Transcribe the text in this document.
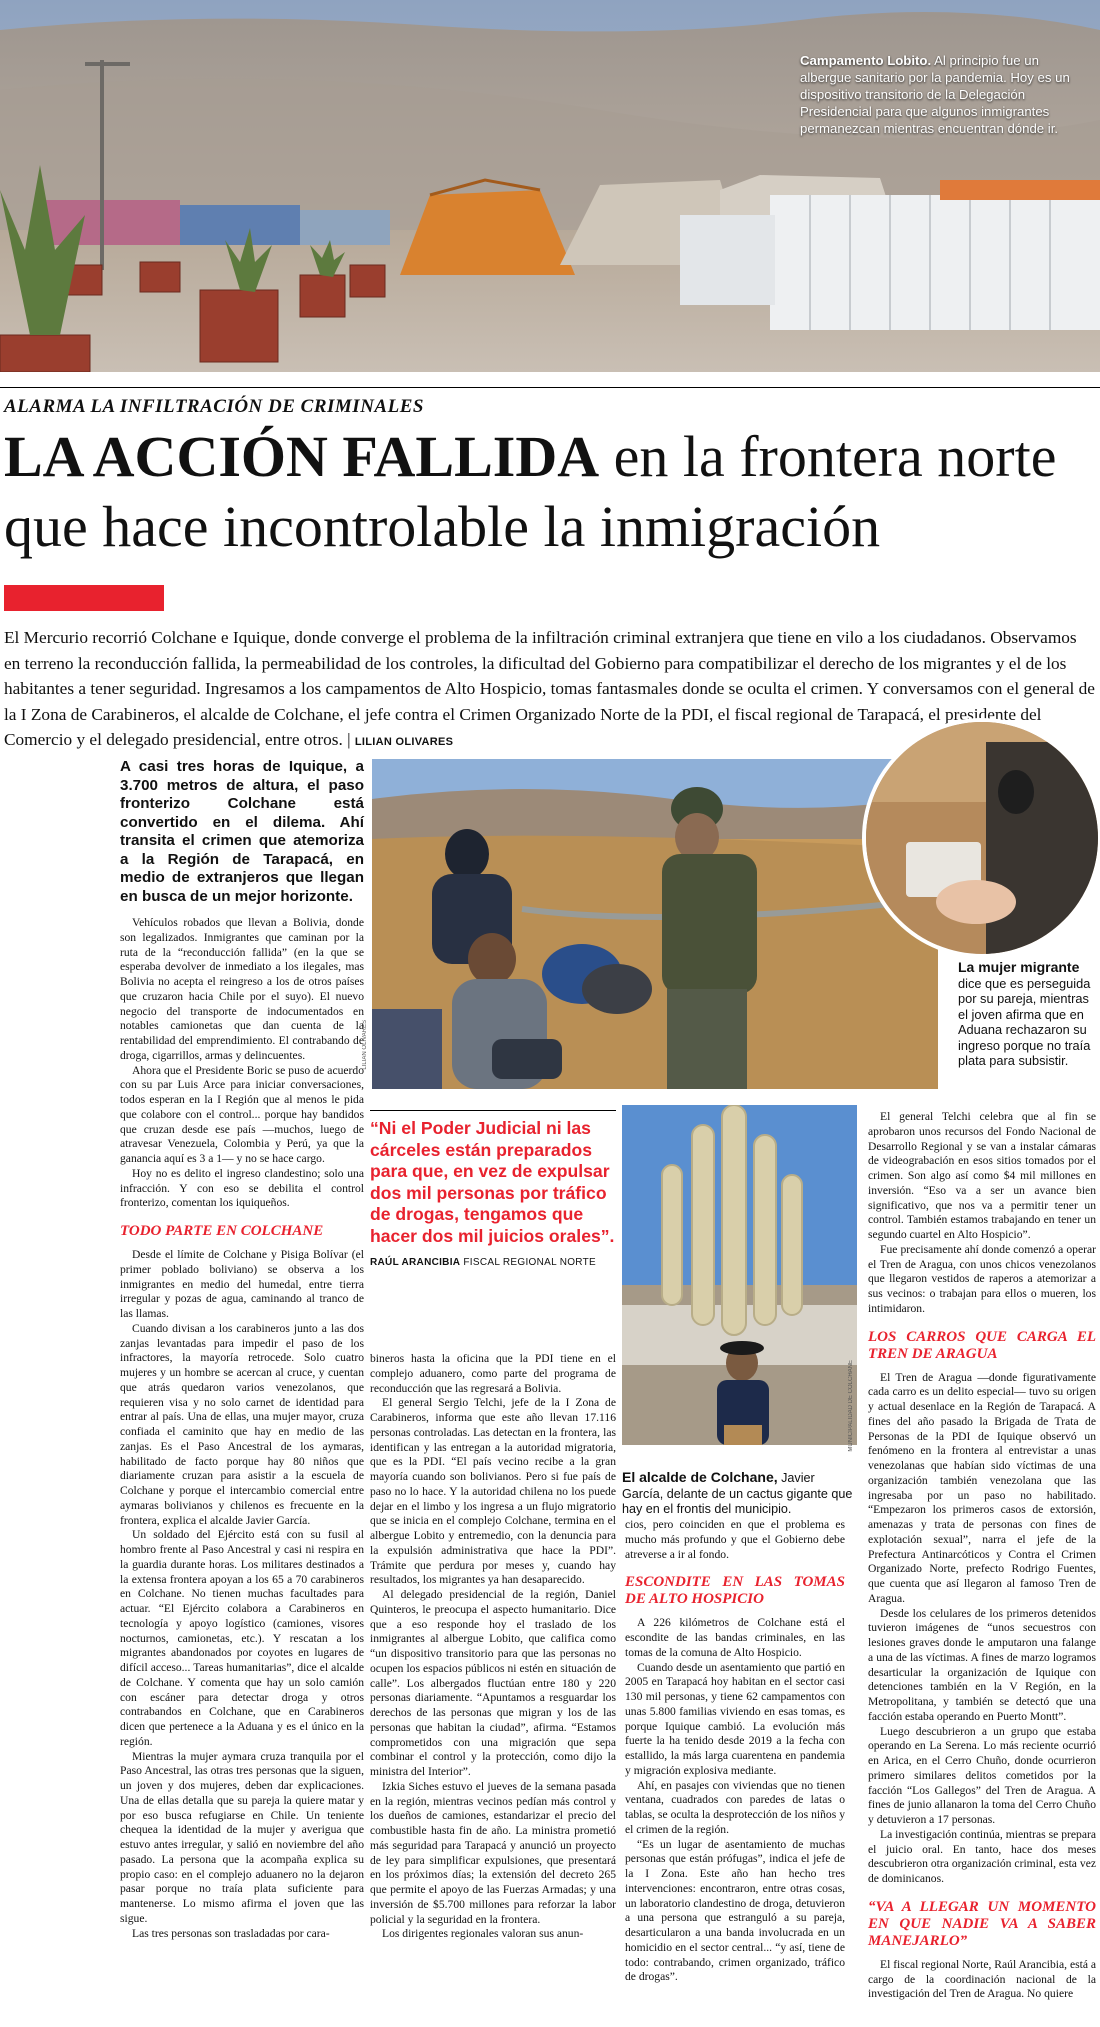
Campamento Lobito. Al principio fue un albergue sanitario por la pandemia. Hoy es un dispositivo transitorio de la Delegación Presidencial para que algunos inmigrantes permanezcan mientras encuentran dónde ir.
ALARMA LA INFILTRACIÓN DE CRIMINALES
LA ACCIÓN FALLIDA en la frontera norte que hace incontrolable la inmigración
El Mercurio recorrió Colchane e Iquique, donde converge el problema de la infiltración criminal extranjera que tiene en vilo a los ciudadanos. Observamos en terreno la reconducción fallida, la permeabilidad de los controles, la dificultad del Gobierno para compatibilizar el derecho de los migrantes y el de los habitantes a tener seguridad. Ingresamos a los campamentos de Alto Hospicio, tomas fantasmales donde se oculta el crimen. Y conversamos con el general de la I Zona de Carabineros, el alcalde de Colchane, el jefe contra el Crimen Organizado Norte de la PDI, el fiscal regional de Tarapacá, el presidente del Comercio y el delegado presidencial, entre otros. | LILIAN OLIVARES
A casi tres horas de Iquique, a 3.700 metros de altura, el paso fronterizo Colchane está convertido en el dilema. Ahí transita el crimen que atemoriza a la Región de Tarapacá, en medio de extranjeros que llegan en busca de un mejor horizonte.

Vehículos robados que llevan a Bolivia, donde son legalizados. Inmigrantes que caminan por la ruta de la “reconducción fallida” (en la que se esperaba devolver de inmediato a los ilegales, mas Bolivia no acepta el reingreso a los de otros países que cruzaron hacia Chile por el suyo). El nuevo negocio del transporte de indocumentados en notables camionetas que dan cuenta de la rentabilidad del emprendimiento. El contrabando de droga, cigarrillos, armas y delincuentes.

Ahora que el Presidente Boric se puso de acuerdo con su par Luis Arce para iniciar conversaciones, todos esperan en la I Región que al menos le pida que colabore con el control... porque hay bandidos que cruzan desde ese país —muchos, luego de atravesar Venezuela, Colombia y Perú, ya que la ganancia aquí es 3 a 1— y no se hace cargo.

Hoy no es delito el ingreso clandestino; solo una infracción. Y con eso se debilita el control fronterizo, comentan los iquiqueños.

TODO PARTE EN COLCHANE

Desde el límite de Colchane y Pisiga Bolívar (el primer poblado boliviano) se observa a los inmigrantes en medio del humedal, entre tierra irregular y pozas de agua, caminando al tranco de las llamas.

Cuando divisan a los carabineros junto a las dos zanjas levantadas para impedir el paso de los infractores, la mayoría retrocede. Solo cuatro mujeres y un hombre se acercan al cruce, y cuentan que atrás quedaron varios venezolanos, que requieren visa y no solo carnet de identidad para entrar al país. Una de ellas, una mujer mayor, cruza confiada el caminito que hay en medio de las zanjas. Es el Paso Ancestral de los aymaras, habilitado de facto porque hay 80 niños que diariamente cruzan para asistir a la escuela de Colchane y porque el intercambio comercial entre aymaras bolivianos y chilenos es frecuente en la frontera, explica el alcalde Javier García.

Un soldado del Ejército está con su fusil al hombro frente al Paso Ancestral y casi ni respira en la guardia durante horas. Los militares destinados a la extensa frontera apoyan a los 65 a 70 carabineros en Colchane. No tienen muchas facultades para actuar. “El Ejército colabora a Carabineros en tecnología y apoyo logístico (camiones, visores nocturnos, camionetas, etc.). Y rescatan a los migrantes abandonados por coyotes en lugares de difícil acceso... Tareas humanitarias”, dice el alcalde de Colchane. Y comenta que hay un solo camión con escáner para detectar droga y otros contrabandos en Colchane, que en Carabineros dicen que pertenece a la Aduana y es el único en la región.

Mientras la mujer aymara cruza tranquila por el Paso Ancestral, las otras tres personas que la siguen, un joven y dos mujeres, deben dar explicaciones. Una de ellas detalla que su pareja la quiere matar y por eso busca refugiarse en Chile. Un teniente chequea la identidad de la mujer y averigua que estuvo antes irregular, y salió en noviembre del año pasado. La persona que la acompaña explica su propio caso: en el complejo aduanero no la dejaron pasar porque no traía plata suficiente para mantenerse. Lo mismo afirma el joven que las sigue.

Las tres personas son trasladadas por cara-

LILIAN OLIVARES
La mujer migrante dice que es perseguida por su pareja, mientras el joven afirma que en Aduana rechazaron su ingreso porque no traía plata para subsistir.
“Ni el Poder Judicial ni las cárceles están preparados para que, en vez de expulsar dos mil personas por tráfico de drogas, tengamos que hacer dos mil juicios orales”.
RAÚL ARANCIBIA FISCAL REGIONAL NORTE

bineros hasta la oficina que la PDI tiene en el complejo aduanero, como parte del programa de reconducción que las regresará a Bolivia.

El general Sergio Telchi, jefe de la I Zona de Carabineros, informa que este año llevan 17.116 personas controladas. Las detectan en la frontera, las identifican y las entregan a la autoridad migratoria, que es la PDI. “El país vecino recibe a la gran mayoría cuando son bolivianos. Pero si fue país de paso no lo hace. Y la autoridad chilena no los puede dejar en el limbo y los ingresa a un flujo migratorio que se inicia en el complejo Colchane, termina en el albergue Lobito y entremedio, con la denuncia para la expulsión administrativa que hace la PDI”. Trámite que perdura por meses y, cuando hay resultados, los migrantes ya han desaparecido.

Al delegado presidencial de la región, Daniel Quinteros, le preocupa el aspecto humanitario. Dice que a eso responde hoy el traslado de los inmigrantes al albergue Lobito, que califica como “un dispositivo transitorio para que las personas no ocupen los espacios públicos ni estén en situación de calle”. Los albergados fluctúan entre 180 y 220 personas diariamente. “Apuntamos a resguardar los derechos de las personas que migran y los de las personas que habitan la ciudad”, afirma. “Estamos comprometidos con una migración que sepa combinar el control y la protección, como dijo la ministra del Interior”.

Izkia Siches estuvo el jueves de la semana pasada en la región, mientras vecinos pedían más control y los dueños de camiones, estandarizar el precio del combustible hasta fin de año. La ministra prometió más seguridad para Tarapacá y anunció un proyecto de ley para simplificar expulsiones, que presentará en los próximos días; la extensión del decreto 265 que permite el apoyo de las Fuerzas Armadas; y una inversión de $5.700 millones para reforzar la labor policial y la seguridad en la frontera.

Los dirigentes regionales valoran sus anun-

MUNICIPALIDAD DE COLCHANE
El alcalde de Colchane, Javier García, delante de un cactus gigante que hay en el frontis del municipio.

cios, pero coinciden en que el problema es mucho más profundo y que el Gobierno debe atreverse a ir al fondo.

ESCONDITE EN LAS TOMAS DE ALTO HOSPICIO

A 226 kilómetros de Colchane está el escondite de las bandas criminales, en las tomas de la comuna de Alto Hospicio.

Cuando desde un asentamiento que partió en 2005 en Tarapacá hoy habitan en el sector casi 130 mil personas, y tiene 62 campamentos con unas 5.800 familias viviendo en esas tomas, es porque Iquique cambió. La evolución más fuerte la ha tenido desde 2019 a la fecha con estallido, la más larga cuarentena en pandemia y migración explosiva mediante.

Ahí, en pasajes con viviendas que no tienen ventana, cuadrados con paredes de latas o tablas, se oculta la desprotección de los niños y el crimen de la región.

“Es un lugar de asentamiento de muchas personas que están prófugas”, indica el jefe de la I Zona. Este año han hecho tres intervenciones: encontraron, entre otras cosas, un laboratorio clandestino de droga, detuvieron a una persona que estranguló a su pareja, desarticularon a una banda involucrada en un homicidio en el sector central... “y así, tiene de todo: contrabando, crimen organizado, tráfico de drogas”.

El general Telchi celebra que al fin se aprobaron unos recursos del Fondo Nacional de Desarrollo Regional y se van a instalar cámaras de videograbación en esos sitios tomados por el crimen. Son algo así como $4 mil millones en inversión. “Eso va a ser un avance bien significativo, que nos va a permitir tener un control. También estamos trabajando en tener un segundo cuartel en Alto Hospicio”.

Fue precisamente ahí donde comenzó a operar el Tren de Aragua, con unos chicos venezolanos que llegaron vestidos de raperos a atemorizar a sus vecinos: o trabajan para ellos o mueren, los intimidaron.

LOS CARROS QUE CARGA EL TREN DE ARAGUA

El Tren de Aragua —donde figurativamente cada carro es un delito especial— tuvo su origen y actual desenlace en la Región de Tarapacá. A fines del año pasado la Brigada de Trata de Personas de la PDI de Iquique observó un fenómeno en la frontera al entrevistar a unas venezolanas que habían sido víctimas de una organización también venezolana que las ingresaba por un paso no habilitado. “Empezaron los primeros casos de extorsión, amenazas y trata de personas con fines de explotación sexual”, narra el jefe de la Prefectura Antinarcóticos y Contra el Crimen Organizado Norte, prefecto Rodrigo Fuentes, que cuenta que así llegaron al famoso Tren de Aragua.

Desde los celulares de los primeros detenidos tuvieron imágenes de “unos secuestros con lesiones graves donde le amputaron una falange a una de las víctimas. A fines de marzo logramos desarticular la organización de Iquique con detenciones también en la V Región, en la Metropolitana, y también se detectó que una facción estaba operando en Puerto Montt”.

Luego descubrieron a un grupo que estaba operando en La Serena. Lo más reciente ocurrió en Arica, en el Cerro Chuño, donde ocurrieron primero similares delitos cometidos por la facción “Los Gallegos” del Tren de Aragua. A fines de junio allanaron la toma del Cerro Chuño y detuvieron a 17 personas.

La investigación continúa, mientras se prepara el juicio oral. En tanto, hace dos meses descubrieron otra organización criminal, esta vez de dominicanos.

“VA A LLEGAR UN MOMENTO EN QUE NADIE VA A SABER MANEJARLO”

El fiscal regional Norte, Raúl Arancibia, está a cargo de la coordinación nacional de la investigación del Tren de Aragua. No quiere
